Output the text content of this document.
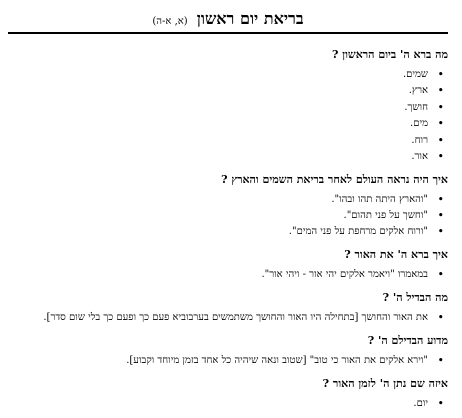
בריאת יום ראשון (א, א-ה)
מה ברא ה' ביום הראשון ?
• שמים.
• ארץ.
• חושך.
• מים.
• רוח.
• אור.
איך היה נראה העולם לאחר בריאת השמים והארץ ?
• "והארץ היתה תהו ובהו".
• "וחשך על פני תהום".
• "ורוח אלקים מרחפת על פני המים".
איך ברא ה' את האור ?
• במאמרו "ויאמר אלקים יהי אור - ויהי אור".
מה הבדיל ה' ?
• את האור והחושך [בתחילה היו האור והחושך משתמשים בערבוביא פעם כך ופעם כך בלי שום סדר].
מדוע הבדילם ה' ?
• "וירא אלקים את האור כי טוב" [שטוב ונאה שיהיה כל אחד בזמן מיוחד וקבוע].
איזה שם נתן ה' לזמן האור ?
• יום.
